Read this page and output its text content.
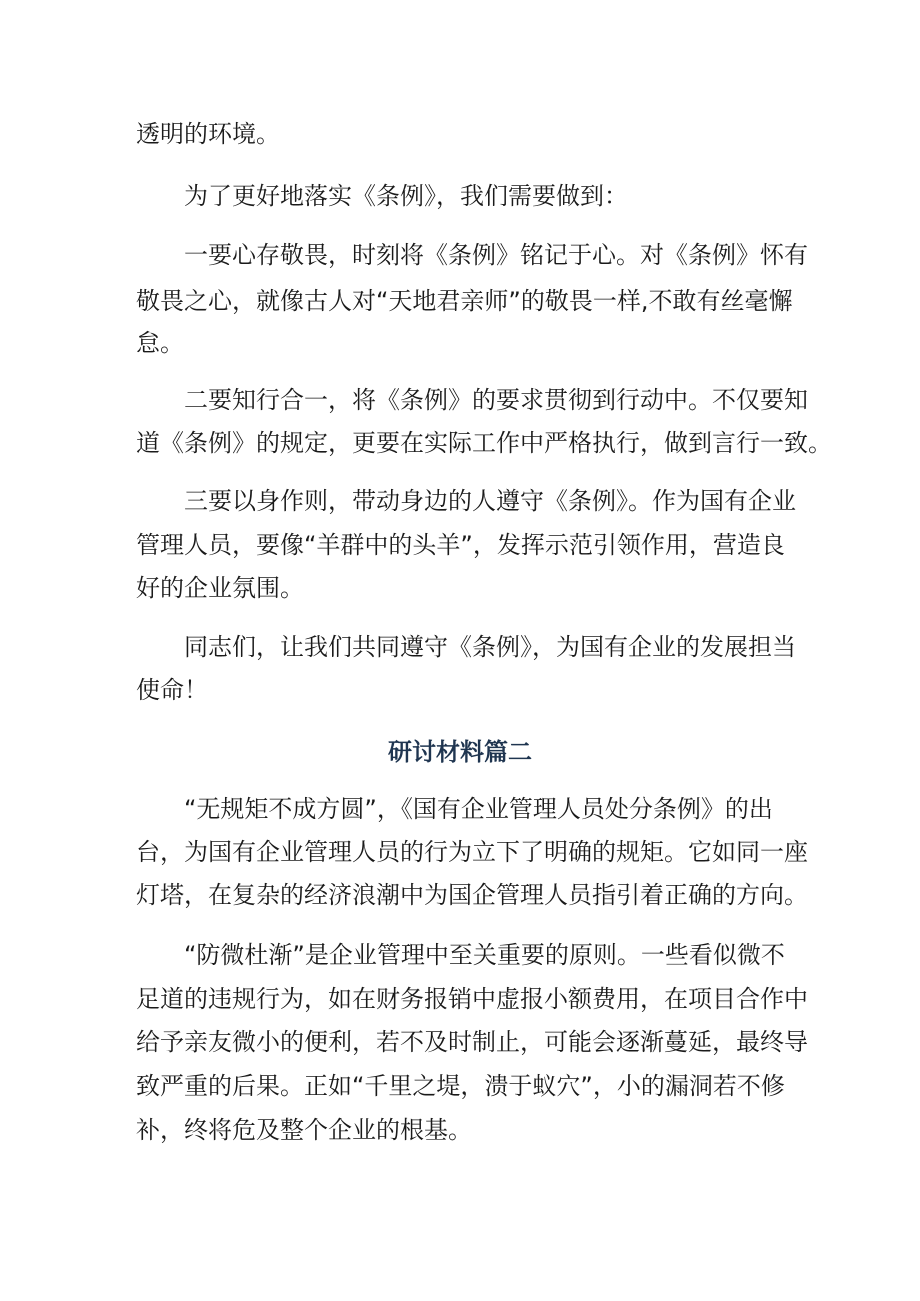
透明的环境。
为了更好地落实《条例》，我们需要做到：
一要心存敬畏，时刻将《条例》铭记于心。对《条例》怀有
敬畏之心，就像古人对“天地君亲师”的敬畏一样,不敢有丝毫懈
怠。
二要知行合一，将《条例》的要求贯彻到行动中。不仅要知
道《条例》的规定，更要在实际工作中严格执行，做到言行一致。
三要以身作则，带动身边的人遵守《条例》。作为国有企业
管理人员，要像“羊群中的头羊”，发挥示范引领作用，营造良
好的企业氛围。
同志们，让我们共同遵守《条例》，为国有企业的发展担当
使命！
研讨材料篇二
“无规矩不成方圆”，《国有企业管理人员处分条例》的出
台，为国有企业管理人员的行为立下了明确的规矩。它如同一座
灯塔，在复杂的经济浪潮中为国企管理人员指引着正确的方向。
“防微杜渐”是企业管理中至关重要的原则。一些看似微不
足道的违规行为，如在财务报销中虚报小额费用，在项目合作中
给予亲友微小的便利，若不及时制止，可能会逐渐蔓延，最终导
致严重的后果。正如“千里之堤，溃于蚁穴”，小的漏洞若不修
补，终将危及整个企业的根基。
